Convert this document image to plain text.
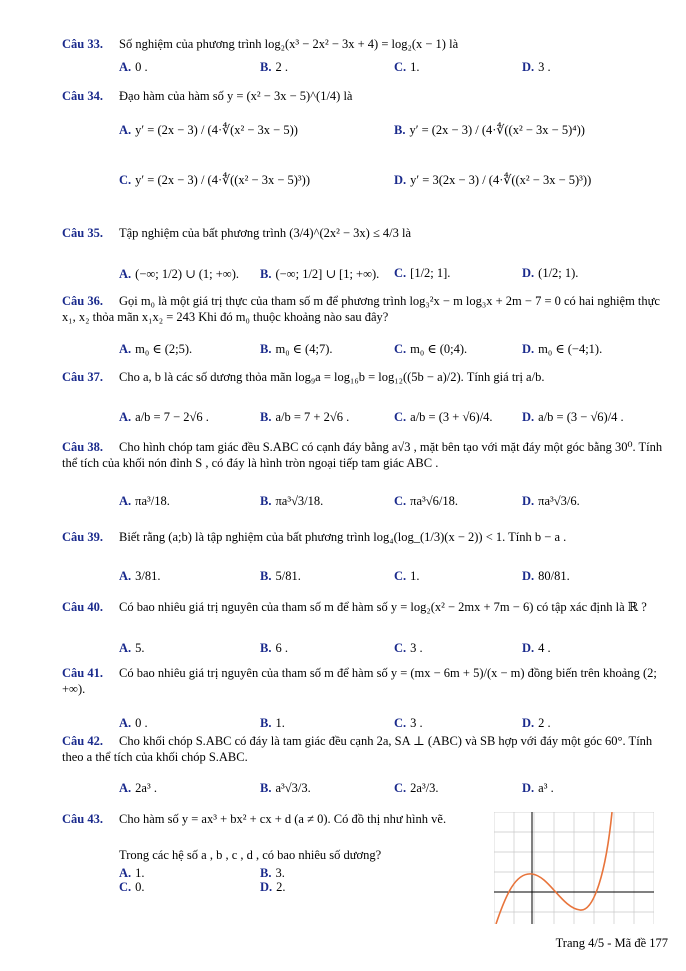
Câu 33. Số nghiệm của phương trình log₂(x³ − 2x² − 3x + 4) = log₂(x − 1) là
A. 0 .	B. 2 .	C. 1.	D. 3 .
Câu 34. Đạo hàm của hàm số y = (x² − 3x − 5)^(1/4) là
A. y′ = (2x − 3) / (4·∜(x² − 3x − 5))	B. y′ = (2x − 3) / (4·∜((x² − 3x − 5)⁴))
C. y′ = (2x − 3) / (4·∜((x² − 3x − 5)³))	D. y′ = 3(2x − 3) / (4·∜((x² − 3x − 5)³))
Câu 35. Tập nghiệm của bất phương trình (3/4)^(2x² − 3x) ≤ 4/3 là
A. (−∞; 1/2) ∪ (1; +∞). B. (−∞; 1/2] ∪ [1; +∞). C. [1/2; 1].	D. (1/2; 1).
Câu 36. Gọi m₀ là một giá trị thực của tham số m để phương trình log₃²x − m log₃x + 2m − 7 = 0 có hai nghiệm thực x₁, x₂ thỏa mãn x₁x₂ = 243 Khi đó m₀ thuộc khoảng nào sau đây?
A. m₀ ∈ (2;5).	B. m₀ ∈ (4;7).	C. m₀ ∈ (0;4).	D. m₀ ∈ (−4;1).
Câu 37. Cho a, b là các số dương thỏa mãn log₉a = log₁₆b = log₁₂((5b − a)/2). Tính giá trị a/b.
A. a/b = 7 − 2√6 .	B. a/b = 7 + 2√6 .	C. a/b = (3 + √6)/4. D. a/b = (3 − √6)/4 .
Câu 38. Cho hình chóp tam giác đều S.ABC có cạnh đáy bằng a√3 , mặt bên tạo với mặt đáy một góc bằng 30⁰. Tính thể tích của khối nón đỉnh S , có đáy là hình tròn ngoại tiếp tam giác ABC .
A. πa³/18.	B. πa³√3/18.	C. πa³√6/18.	D. πa³√3/6.
Câu 39. Biết rằng (a;b) là tập nghiệm của bất phương trình log₄(log_(1/3)(x − 2)) < 1. Tính b − a .
A. 3/81.	B. 5/81.	C. 1.	D. 80/81.
Câu 40. Có bao nhiêu giá trị nguyên của tham số m để hàm số y = log₂(x² − 2mx + 7m − 6) có tập xác định là ℝ ?
A. 5.	B. 6 .	C. 3 .	D. 4 .
Câu 41. Có bao nhiêu giá trị nguyên của tham số m để hàm số y = (mx − 6m + 5)/(x − m) đồng biến trên khoảng (2; +∞).
A. 0 .	B. 1.	C. 3 .	D. 2 .
Câu 42. Cho khối chóp S.ABC có đáy là tam giác đều cạnh 2a, SA ⊥ (ABC) và SB hợp với đáy một góc 60°. Tính theo a thể tích của khối chóp S.ABC.
A. 2a³ .	B. a³√3/3.	C. 2a³/3.	D. a³ .
Câu 43. Cho hàm số y = ax³ + bx² + cx + d (a ≠ 0). Có đồ thị như hình vẽ.
Trong các hệ số a , b , c , d , có bao nhiêu số dương?
A. 1.	B. 3.
C. 0.	D. 2.
Trang 4/5 - Mã đề 177
